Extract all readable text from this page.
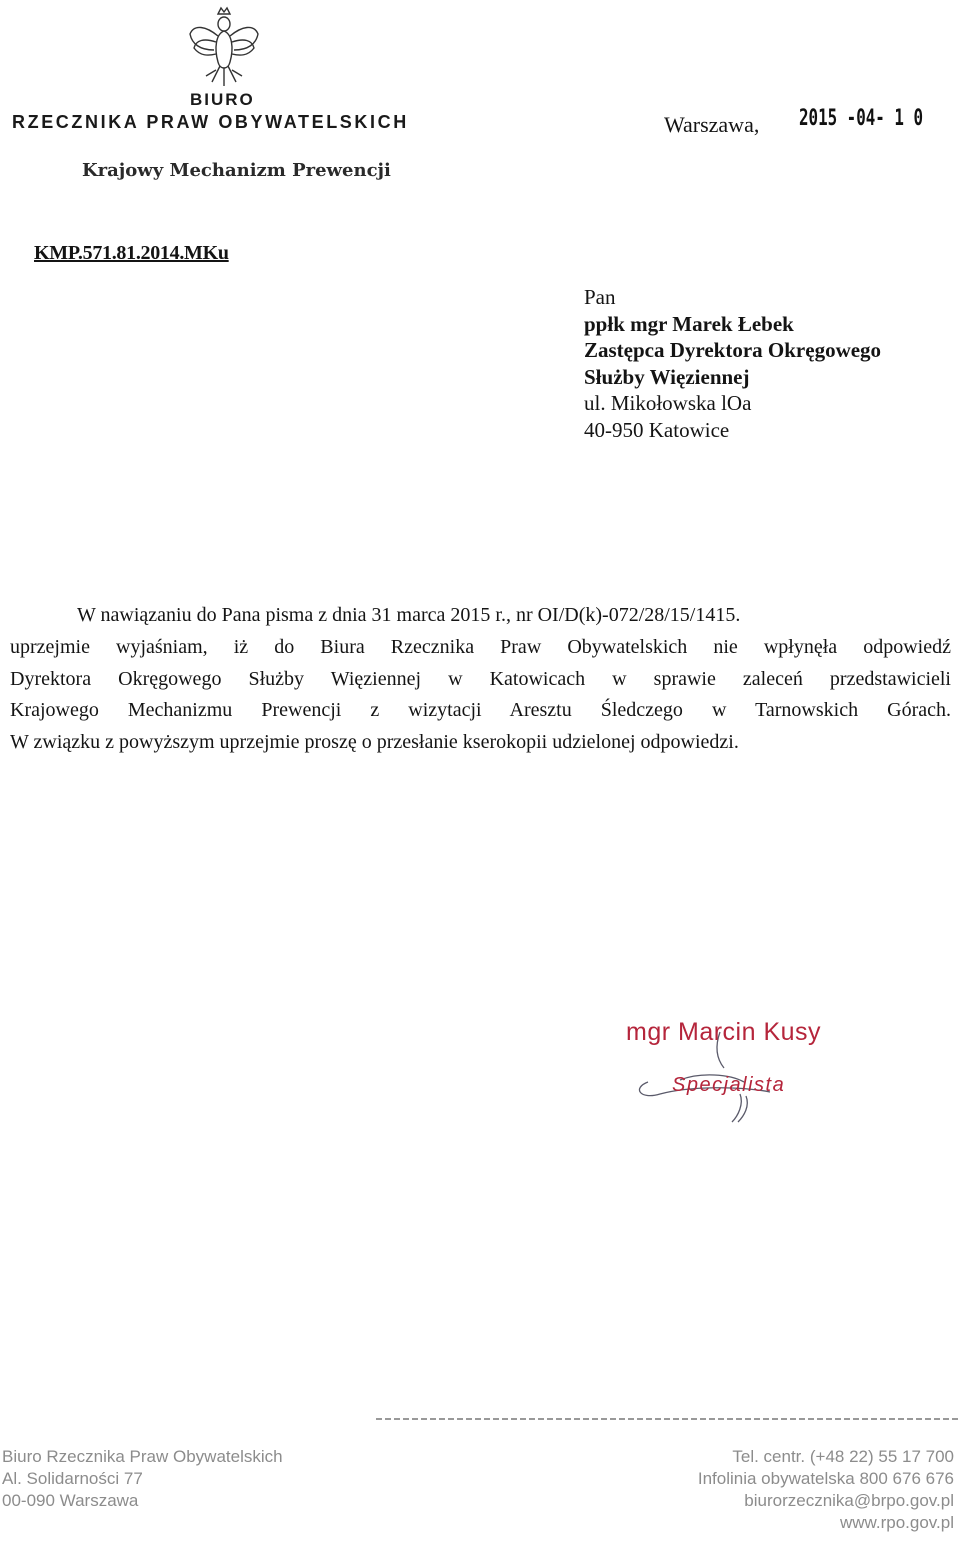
BIURO
RZECZNIKA PRAW OBYWATELSKICH
Krajowy Mechanizm Prewencji
Warszawa, 2015 -04- 1 0
KMP.571.81.2014.MKu
Pan
ppłk mgr Marek Łebek
Zastępca Dyrektora Okręgowego
Służby Więziennej
ul. Mikołowska lOa
40-950 Katowice
W nawiązaniu do Pana pisma z dnia 31 marca 2015 r., nr OI/D(k)-072/28/15/1415.
uprzejmie wyjaśniam, iż do Biura Rzecznika Praw Obywatelskich nie wpłynęła odpowiedź
Dyrektora Okręgowego Służby Więziennej w Katowicach w sprawie zaleceń przedstawicieli
Krajowego Mechanizmu Prewencji z wizytacji Aresztu Śledczego w Tarnowskich Górach.
W związku z powyższym uprzejmie proszę o przesłanie kserokopii udzielonej odpowiedzi.
mgr Marcin Kusy
Specjalista
Biuro Rzecznika Praw Obywatelskich
Al. Solidarności 77
00-090 Warszawa
Tel. centr. (+48 22) 55 17 700
Infolinia obywatelska 800 676 676
biurorzecznika@brpo.gov.pl
www.rpo.gov.pl
